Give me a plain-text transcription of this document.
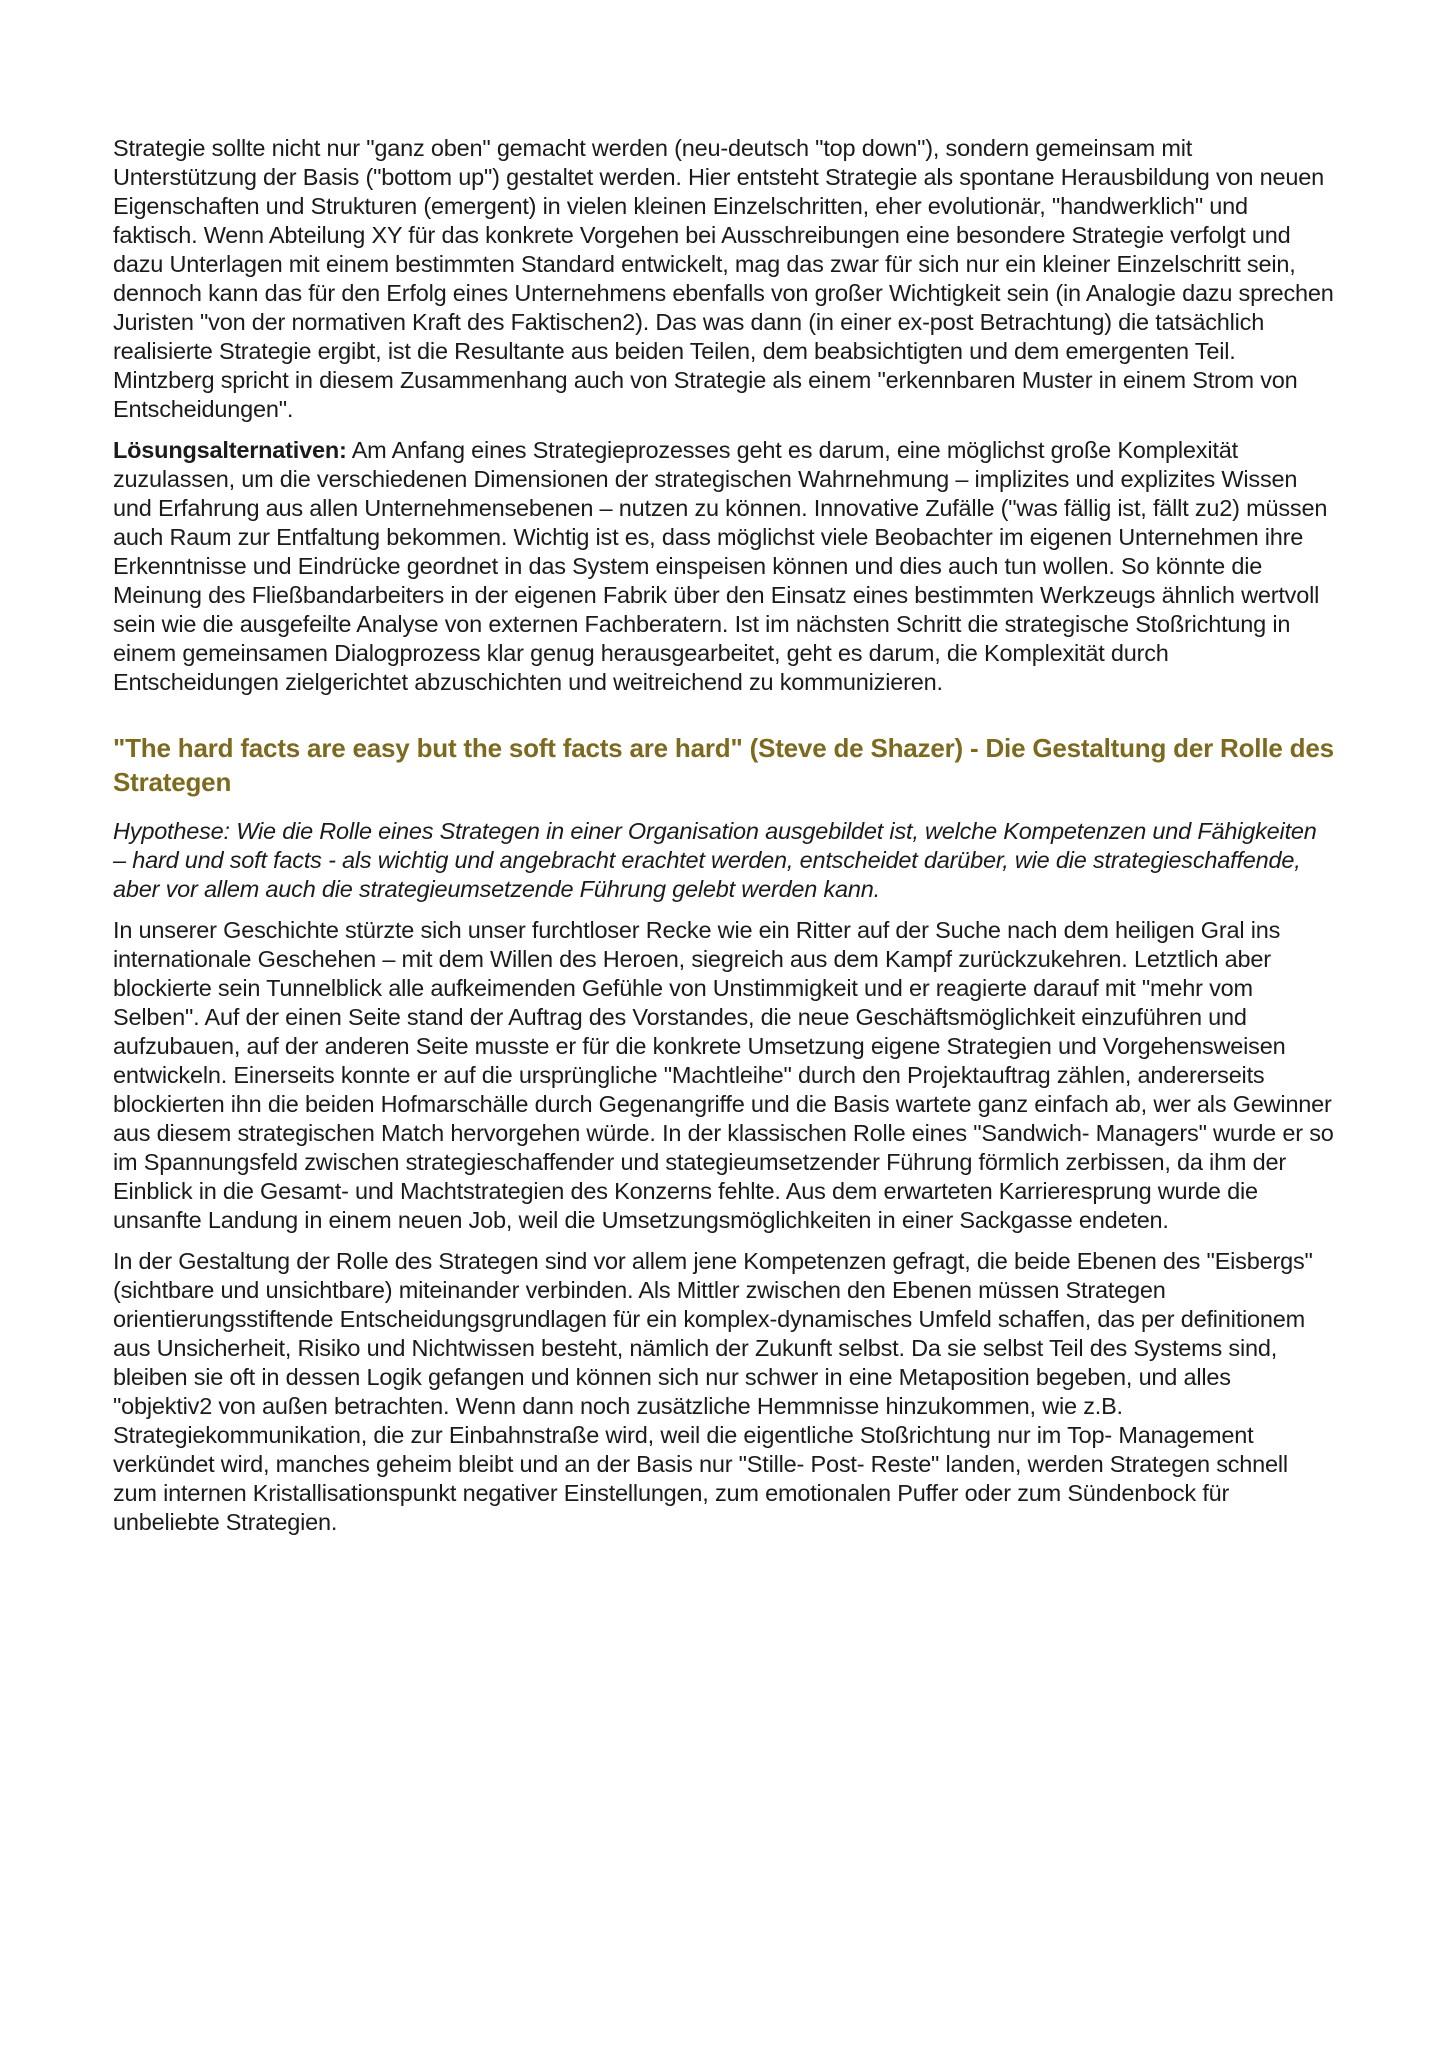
Strategie sollte nicht nur "ganz oben" gemacht werden (neu-deutsch "top down"), sondern gemeinsam mit Unterstützung der Basis ("bottom up") gestaltet werden. Hier entsteht Strategie als spontane Herausbildung von neuen Eigenschaften und Strukturen (emergent) in vielen kleinen Einzelschritten, eher evolutionär, "handwerklich" und faktisch. Wenn Abteilung XY für das konkrete Vorgehen bei Ausschreibungen eine besondere Strategie verfolgt und dazu Unterlagen mit einem bestimmten Standard entwickelt, mag das zwar für sich nur ein kleiner Einzelschritt sein, dennoch kann das für den Erfolg eines Unternehmens ebenfalls von großer Wichtigkeit sein (in Analogie dazu sprechen Juristen "von der normativen Kraft des Faktischen2). Das was dann (in einer ex-post Betrachtung) die tatsächlich realisierte Strategie ergibt, ist die Resultante aus beiden Teilen, dem beabsichtigten und dem emergenten Teil. Mintzberg spricht in diesem Zusammenhang auch von Strategie als einem "erkennbaren Muster in einem Strom von Entscheidungen".

Lösungsalternativen: Am Anfang eines Strategieprozesses geht es darum, eine möglichst große Komplexität zuzulassen, um die verschiedenen Dimensionen der strategischen Wahrnehmung – implizites und explizites Wissen und Erfahrung aus allen Unternehmensebenen – nutzen zu können. Innovative Zufälle ("was fällig ist, fällt zu2) müssen auch Raum zur Entfaltung bekommen. Wichtig ist es, dass möglichst viele Beobachter im eigenen Unternehmen ihre Erkenntnisse und Eindrücke geordnet in das System einspeisen können und dies auch tun wollen. So könnte die Meinung des Fließbandarbeiters in der eigenen Fabrik über den Einsatz eines bestimmten Werkzeugs ähnlich wertvoll sein wie die ausgefeilte Analyse von externen Fachberatern. Ist im nächsten Schritt die strategische Stoßrichtung in einem gemeinsamen Dialogprozess klar genug herausgearbeitet, geht es darum, die Komplexität durch Entscheidungen zielgerichtet abzuschichten und weitreichend zu kommunizieren.

"The hard facts are easy but the soft facts are hard" (Steve de Shazer) - Die Gestaltung der Rolle des Strategen

Hypothese: Wie die Rolle eines Strategen in einer Organisation ausgebildet ist, welche Kompetenzen und Fähigkeiten – hard und soft facts - als wichtig und angebracht erachtet werden, entscheidet darüber, wie die strategieschaffende, aber vor allem auch die strategieumsetzende Führung gelebt werden kann.

In unserer Geschichte stürzte sich unser furchtloser Recke wie ein Ritter auf der Suche nach dem heiligen Gral ins internationale Geschehen – mit dem Willen des Heroen, siegreich aus dem Kampf zurückzukehren. Letztlich aber blockierte sein Tunnelblick alle aufkeimenden Gefühle von Unstimmigkeit und er reagierte darauf mit "mehr vom Selben". Auf der einen Seite stand der Auftrag des Vorstandes, die neue Geschäftsmöglichkeit einzuführen und aufzubauen, auf der anderen Seite musste er für die konkrete Umsetzung eigene Strategien und Vorgehensweisen entwickeln. Einerseits konnte er auf die ursprüngliche "Machtleihe" durch den Projektauftrag zählen, andererseits blockierten ihn die beiden Hofmarschälle durch Gegenangriffe und die Basis wartete ganz einfach ab, wer als Gewinner aus diesem strategischen Match hervorgehen würde. In der klassischen Rolle eines "Sandwich- Managers" wurde er so im Spannungsfeld zwischen strategieschaffender und stategieumsetzender Führung förmlich zerbissen, da ihm der Einblick in die Gesamt- und Machtstrategien des Konzerns fehlte. Aus dem erwarteten Karrieresprung wurde die unsanfte Landung in einem neuen Job, weil die Umsetzungsmöglichkeiten in einer Sackgasse endeten.

In der Gestaltung der Rolle des Strategen sind vor allem jene Kompetenzen gefragt, die beide Ebenen des "Eisbergs" (sichtbare und unsichtbare) miteinander verbinden. Als Mittler zwischen den Ebenen müssen Strategen orientierungsstiftende Entscheidungsgrundlagen für ein komplex-dynamisches Umfeld schaffen, das per definitionem aus Unsicherheit, Risiko und Nichtwissen besteht, nämlich der Zukunft selbst. Da sie selbst Teil des Systems sind, bleiben sie oft in dessen Logik gefangen und können sich nur schwer in eine Metaposition begeben, und alles "objektiv2 von außen betrachten. Wenn dann noch zusätzliche Hemmnisse hinzukommen, wie z.B. Strategiekommunikation, die zur Einbahnstraße wird, weil die eigentliche Stoßrichtung nur im Top- Management verkündet wird, manches geheim bleibt und an der Basis nur "Stille- Post- Reste" landen, werden Strategen schnell zum internen Kristallisationspunkt negativer Einstellungen, zum emotionalen Puffer oder zum Sündenbock für unbeliebte Strategien.
